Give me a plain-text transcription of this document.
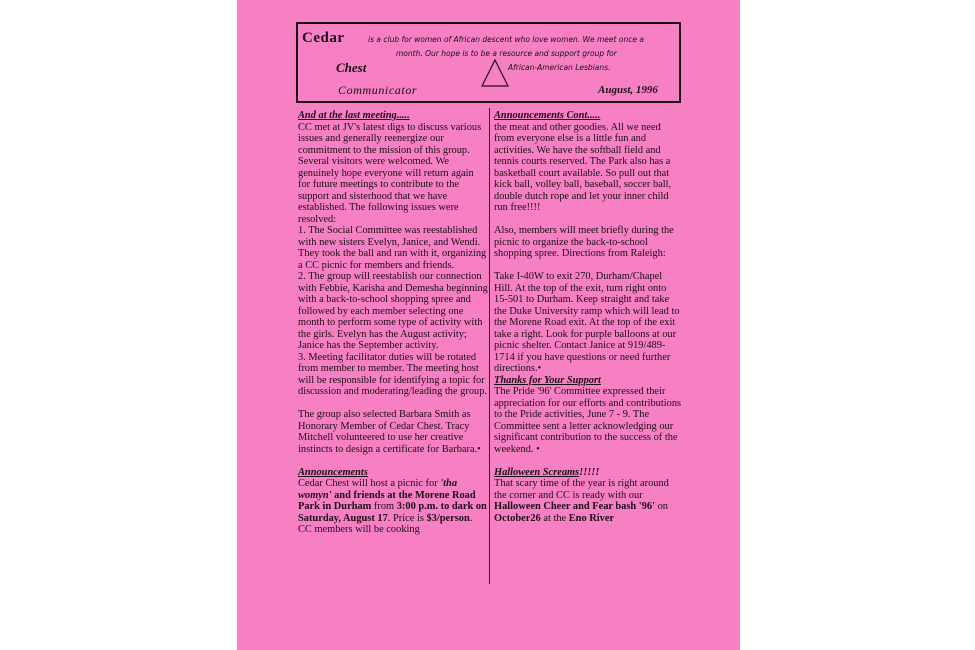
Cedar
Chest
Communicator	August, 1996
is a club for women of African descent who love women. We meet once a
month. Our hope is to be a resource and support group for
African-American Lesbians.
And at the last meeting.....

CC met at JV's latest digs to discuss various issues and generally reenergize our commitment to the mission of this group. Several visitors were welcomed. We genuinely hope everyone will return again for future meetings to contribute to the support and sisterhood that we have established. The following issues were resolved:

1. The Social Committee was reestablished with new sisters Evelyn, Janice, and Wendi. They took the ball and ran with it, organizing a CC picnic for members and friends.

2. The group will reestablish our connection with Febbie, Karisha and Demesha beginning with a back-to-school shopping spree and followed by each member selecting one month to perform some type of activity with the girls. Evelyn has the August activity; Janice has the September activity.

3. Meeting facilitator duties will be rotated from member to member. The meeting host will be responsible for identifying a topic for discussion and moderating/leading the group.

The group also selected Barbara Smith as Honorary Member of Cedar Chest. Tracy Mitchell volunteered to use her creative instincts to design a certificate for Barbara.•

Announcements

Cedar Chest will host a picnic for 'tha womyn' and friends at the Morene Road Park in Durham from 3:00 p.m. to dark on Saturday, August 17. Price is $3/person. CC members will be cooking

Announcements Cont.....

the meat and other goodies. All we need from everyone else is a little fun and activities. We have the softball field and tennis courts reserved. The Park also has a basketball court available. So pull out that kick ball, volley ball, baseball, soccer ball, double dutch rope and let your inner child run free!!!!

Also, members will meet briefly during the picnic to organize the back-to-school shopping spree. Directions from Raleigh:

Take I-40W to exit 270, Durham/Chapel Hill. At the top of the exit, turn right onto 15-501 to Durham. Keep straight and take the Duke University ramp which will lead to the Morene Road exit. At the top of the exit take a right. Look for purple balloons at our picnic shelter. Contact Janice at 919/489-1714 if you have questions or need further directions.•

Thanks for Your Support

The Pride '96' Committee expressed their appreciation for our efforts and contributions to the Pride activities, June 7 - 9. The Committee sent a letter acknowledging our significant contribution to the success of the weekend. •

Halloween Screams!!!!!

That scary time of the year is right around the corner and CC is ready with our Halloween Cheer and Fear bash '96' on October26 at the Eno River
